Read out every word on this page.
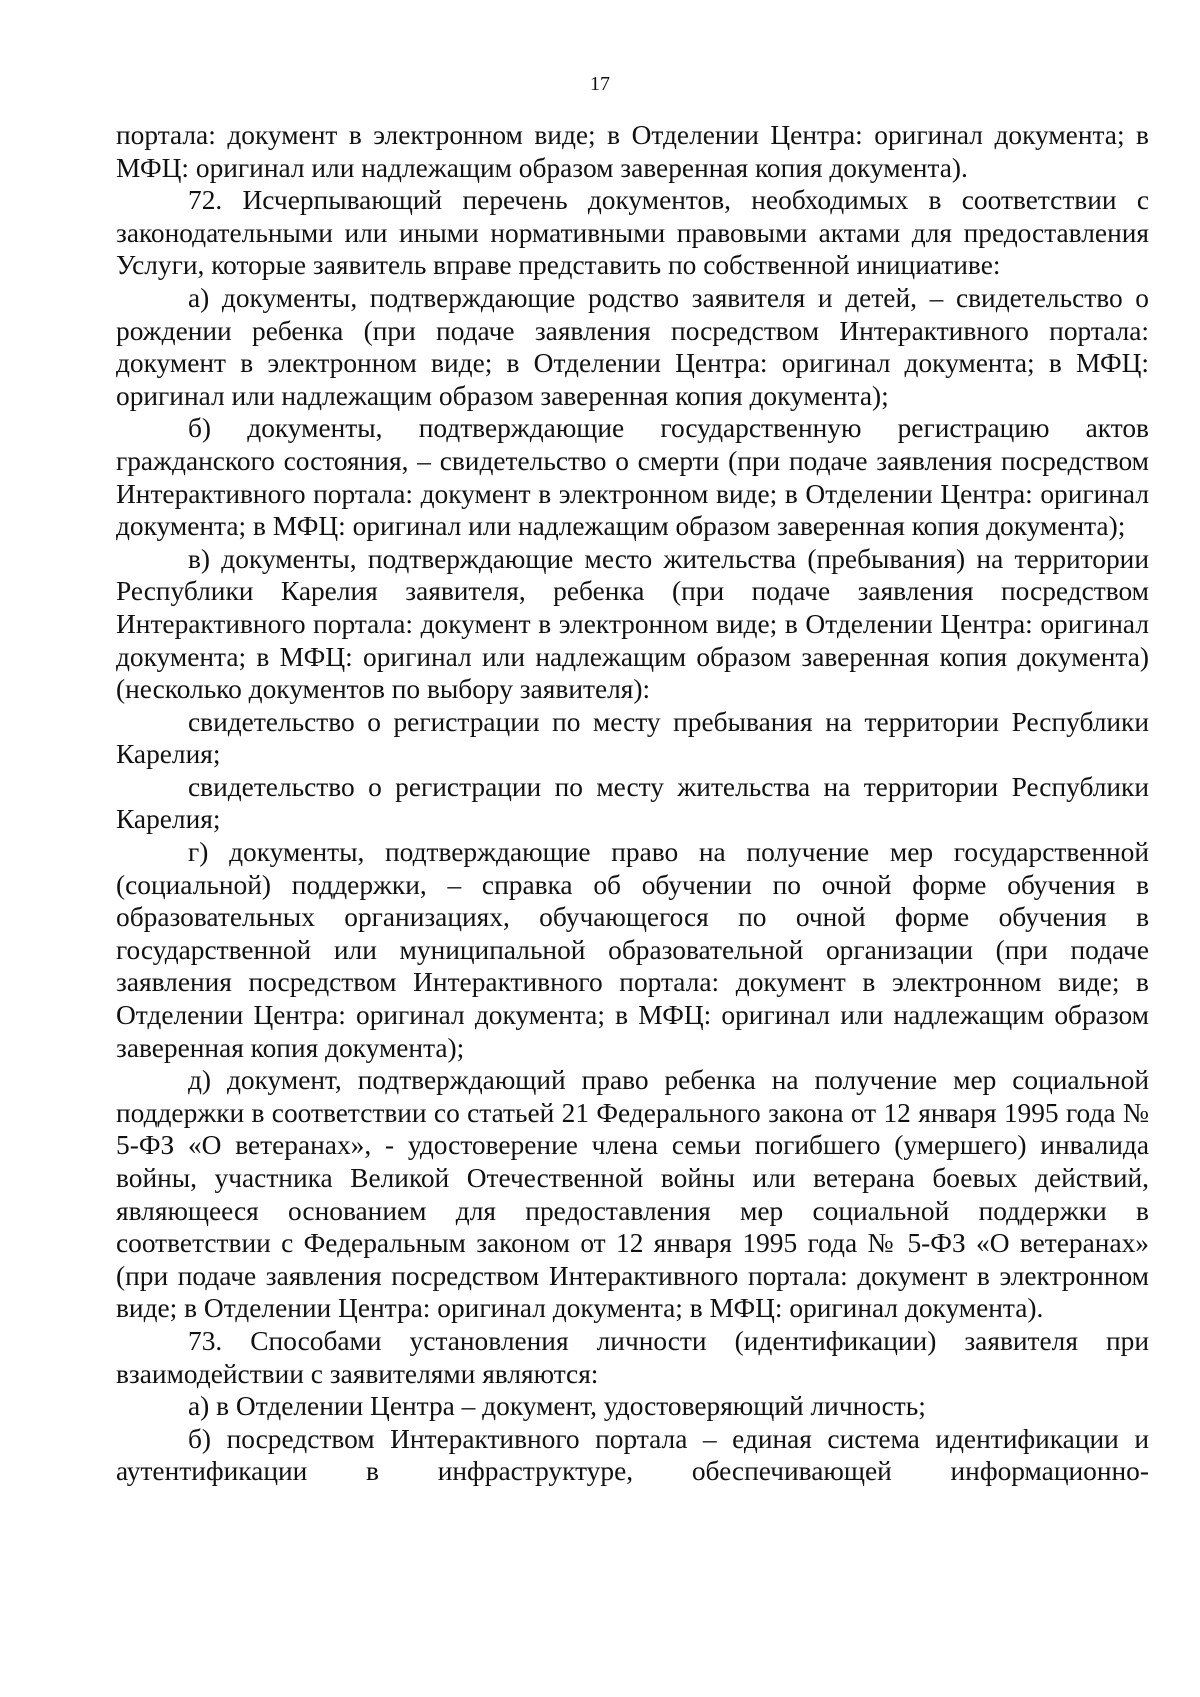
17

портала: документ в электронном виде; в Отделении Центра: оригинал документа; в МФЦ: оригинал или надлежащим образом заверенная копия документа).

72. Исчерпывающий перечень документов, необходимых в соответствии с законодательными или иными нормативными правовыми актами для предоставления Услуги, которые заявитель вправе представить по собственной инициативе:

а) документы, подтверждающие родство заявителя и детей, – свидетельство о рождении ребенка (при подаче заявления посредством Интерактивного портала: документ в электронном виде; в Отделении Центра: оригинал документа; в МФЦ: оригинал или надлежащим образом заверенная копия документа);

б) документы, подтверждающие государственную регистрацию актов гражданского состояния, – свидетельство о смерти (при подаче заявления посредством Интерактивного портала: документ в электронном виде; в Отделении Центра: оригинал документа; в МФЦ: оригинал или надлежащим образом заверенная копия документа);

в) документы, подтверждающие место жительства (пребывания) на территории Республики Карелия заявителя, ребенка (при подаче заявления посредством Интерактивного портала: документ в электронном виде; в Отделении Центра: оригинал документа; в МФЦ: оригинал или надлежащим образом заверенная копия документа) (несколько документов по выбору заявителя):

свидетельство о регистрации по месту пребывания на территории Республики Карелия;

свидетельство о регистрации по месту жительства на территории Республики Карелия;

г) документы, подтверждающие право на получение мер государственной (социальной) поддержки, – справка об обучении по очной форме обучения в образовательных организациях, обучающегося по очной форме обучения в государственной или муниципальной образовательной организации (при подаче заявления посредством Интерактивного портала: документ в электронном виде; в Отделении Центра: оригинал документа; в МФЦ: оригинал или надлежащим образом заверенная копия документа);

д) документ, подтверждающий право ребенка на получение мер социальной поддержки в соответствии со статьей 21 Федерального закона от 12 января 1995 года № 5-ФЗ «О ветеранах», - удостоверение члена семьи погибшего (умершего) инвалида войны, участника Великой Отечественной войны или ветерана боевых действий, являющееся основанием для предоставления мер социальной поддержки в соответствии с Федеральным законом от 12 января 1995 года № 5-ФЗ «О ветеранах» (при подаче заявления посредством Интерактивного портала: документ в электронном виде; в Отделении Центра: оригинал документа; в МФЦ: оригинал документа).

73. Способами установления личности (идентификации) заявителя при взаимодействии с заявителями являются:

а) в Отделении Центра – документ, удостоверяющий личность;

б) посредством Интерактивного портала – единая система идентификации и аутентификации в инфраструктуре, обеспечивающей информационно-
